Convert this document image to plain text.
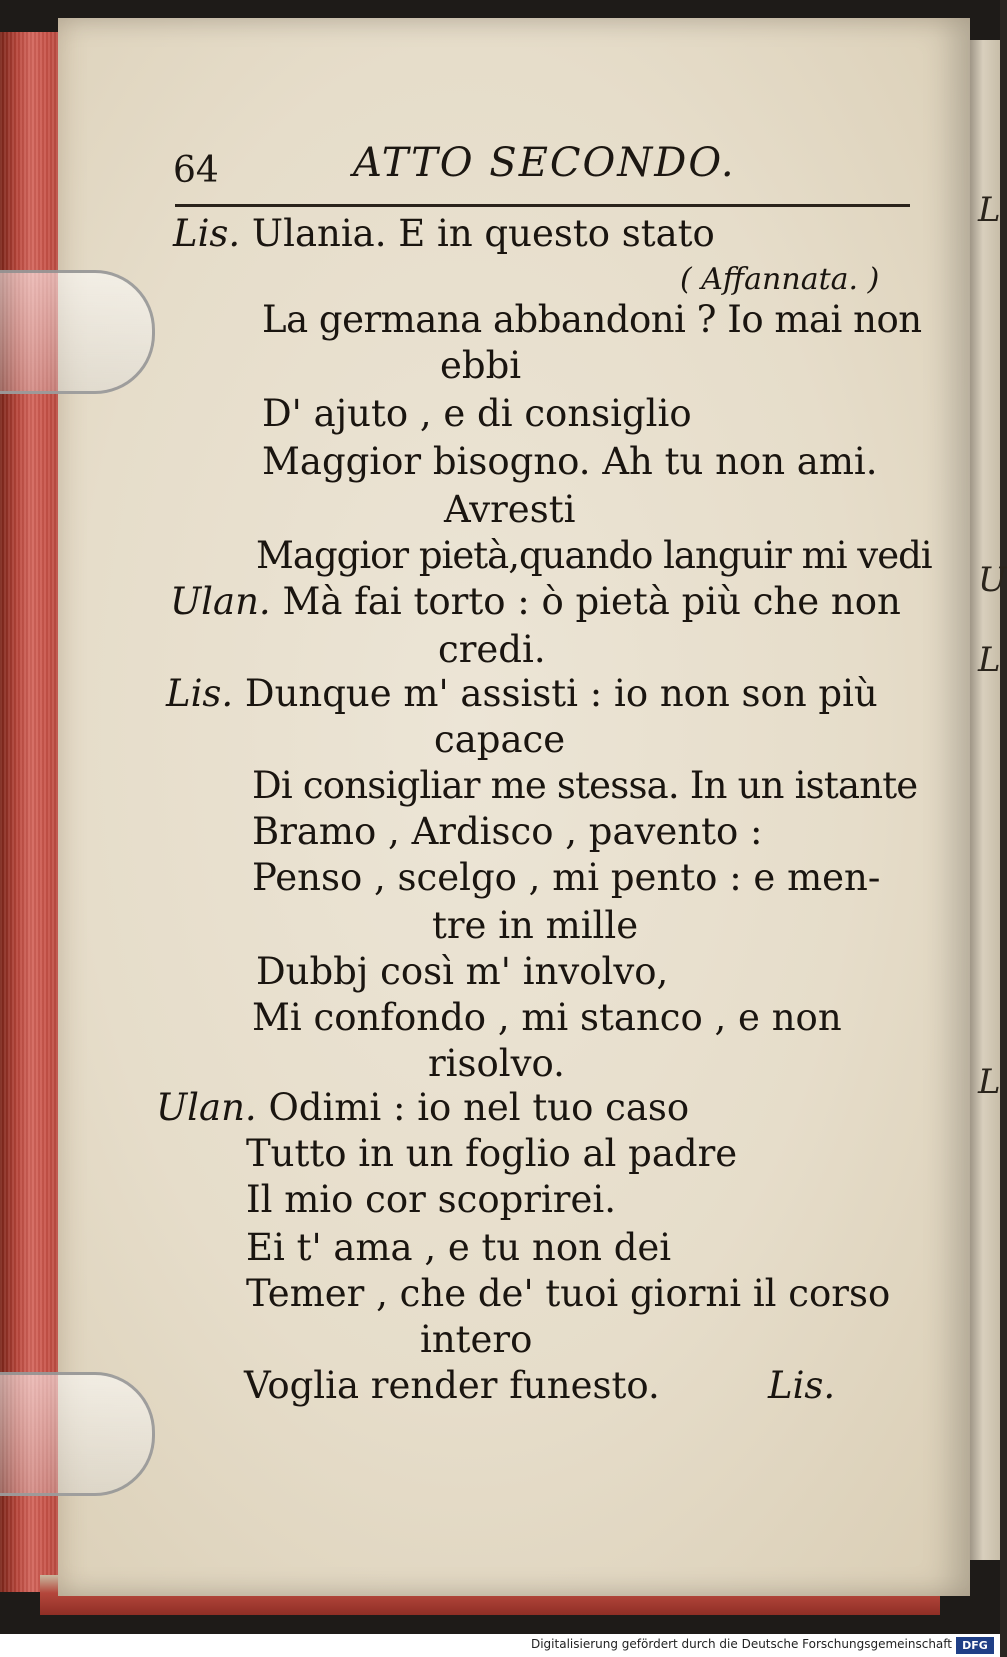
L
U
L
L
64	ATTO SECONDO.
Lis. Ulania. E in questo stato
( Affannata. )
La germana abbandoni ? Io mai non
ebbi
D' ajuto , e di consiglio
Maggior bisogno. Ah tu non ami.
Avresti
Maggior pietà,quando languir mi vedi
Ulan. Mà fai torto : ò pietà più che non
credi.
Lis. Dunque m' assisti : io non son più
capace
Di consigliar me stessa. In un istante
Bramo , Ardisco , pavento :
Penso , scelgo , mi pento : e men-
tre in mille
Dubbj così m' involvo,
Mi confondo , mi stanco , e non
risolvo.
Ulan. Odimi : io nel tuo caso
Tutto in un foglio al padre
Il mio cor scoprirei.
Ei t' ama , e tu non dei
Temer , che de' tuoi giorni il corso
intero
Voglia render funesto.	Lis.
Digitalisierung gefördert durch die Deutsche Forschungsgemeinschaft DFG
